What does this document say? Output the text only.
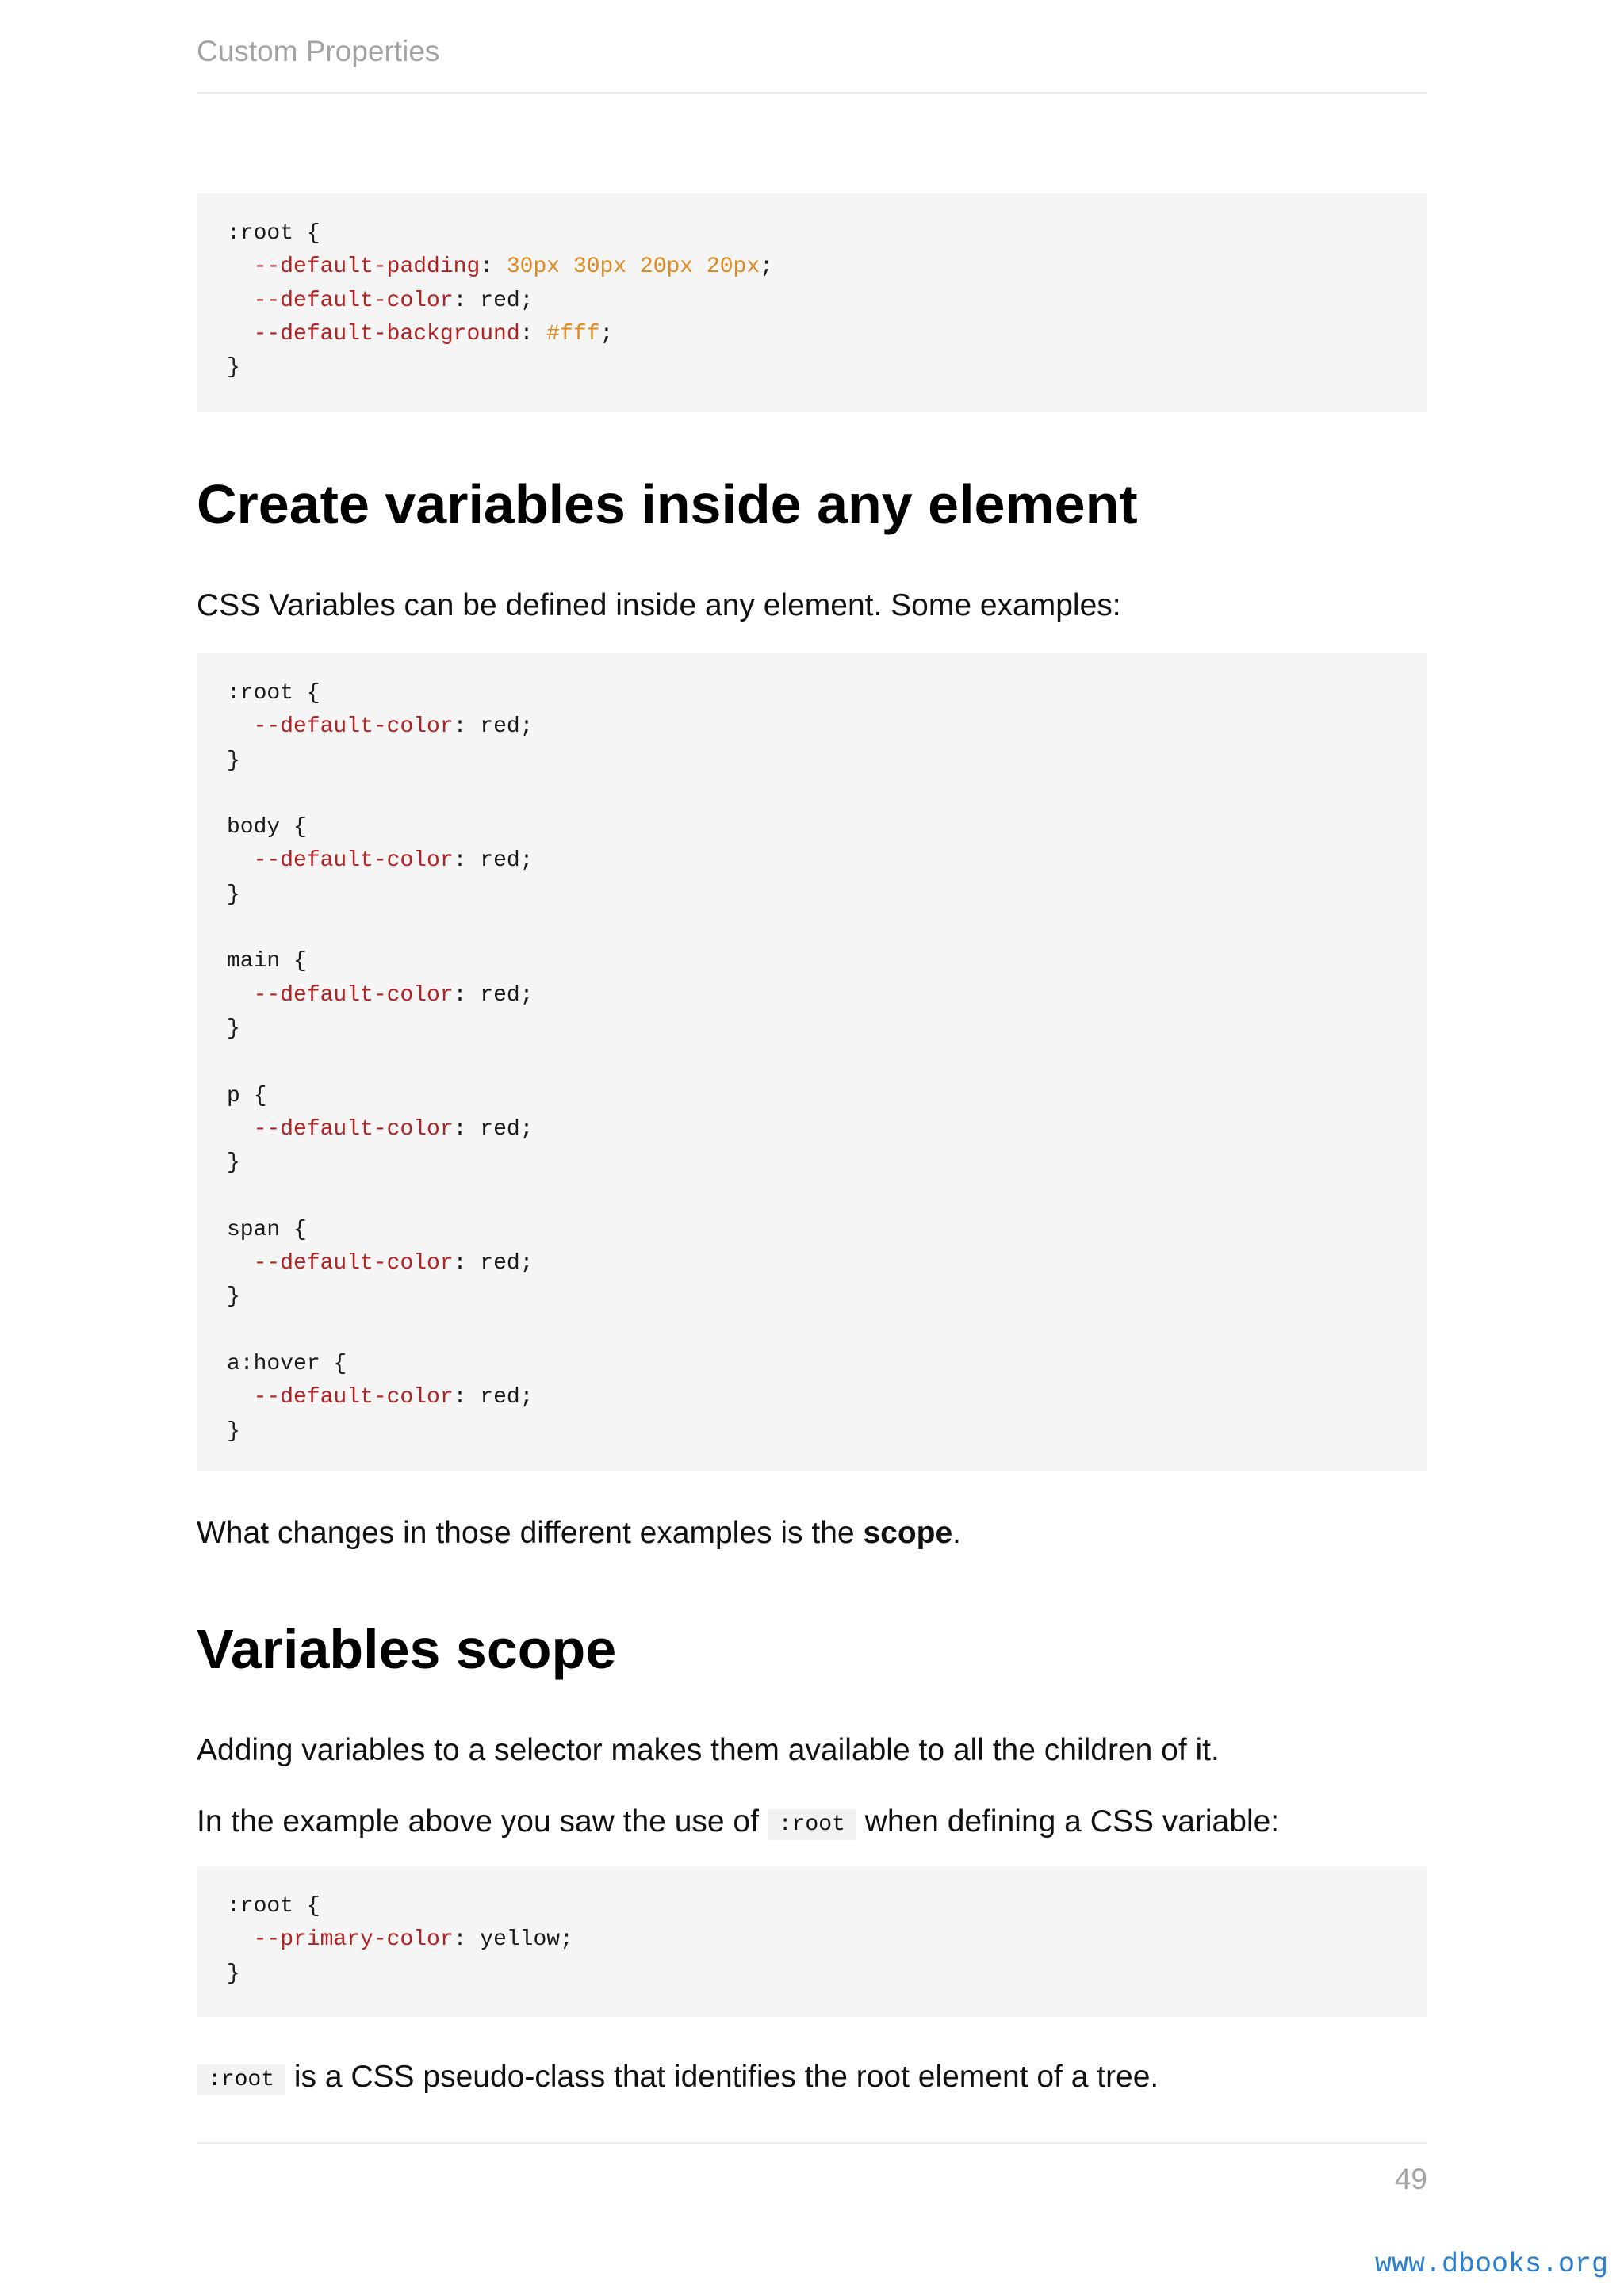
Custom Properties
:root {
--default-padding: 30px 30px 20px 20px;
--default-color: red;
--default-background: #fff;
}
Create variables inside any element

CSS Variables can be defined inside any element. Some examples:

:root {
--default-color: red;
}
body {
--default-color: red;
}
main {
--default-color: red;
}
p {
--default-color: red;
}
span {
--default-color: red;
}
a:hover {
--default-color: red;
}

What changes in those different examples is the scope.

Variables scope

Adding variables to a selector makes them available to all the children of it.

In the example above you saw the use of :root when defining a CSS variable:

:root {
--primary-color: yellow;
}

:root is a CSS pseudo-class that identifies the root element of a tree.

49
www.dbooks.org
